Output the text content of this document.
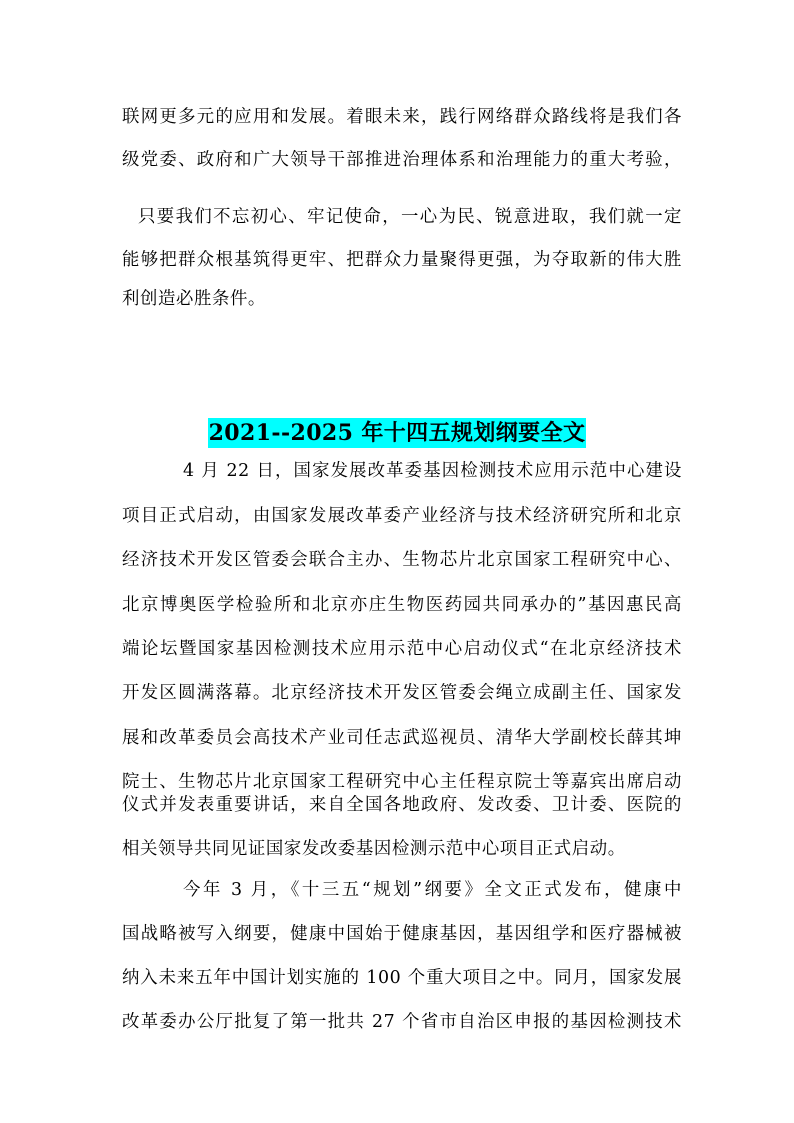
联网更多元的应用和发展。着眼未来，践行网络群众路线将是我们各
级党委、政府和广大领导干部推进治理体系和治理能力的重大考验，
只要我们不忘初心、牢记使命，一心为民、锐意进取，我们就一定
能够把群众根基筑得更牢、把群众力量聚得更强，为夺取新的伟大胜
利创造必胜条件。
2021--2025 年十四五规划纲要全文
4 月 22 日，国家发展改革委基因检测技术应用示范中心建设
项目正式启动，由国家发展改革委产业经济与技术经济研究所和北京
经济技术开发区管委会联合主办、生物芯片北京国家工程研究中心、
北京博奥医学检验所和北京亦庄生物医药园共同承办的”基因惠民高
端论坛暨国家基因检测技术应用示范中心启动仪式“在北京经济技术
开发区圆满落幕。北京经济技术开发区管委会绳立成副主任、国家发
展和改革委员会高技术产业司任志武巡视员、清华大学副校长薛其坤
院士、生物芯片北京国家工程研究中心主任程京院士等嘉宾出席启动
仪式并发表重要讲话，来自全国各地政府、发改委、卫计委、医院的
相关领导共同见证国家发改委基因检测示范中心项目正式启动。
今年 3 月，《十三五“规划”纲要》全文正式发布，健康中
国战略被写入纲要，健康中国始于健康基因，基因组学和医疗器械被
纳入未来五年中国计划实施的 100 个重大项目之中。同月，国家发展
改革委办公厅批复了第一批共 27 个省市自治区申报的基因检测技术
